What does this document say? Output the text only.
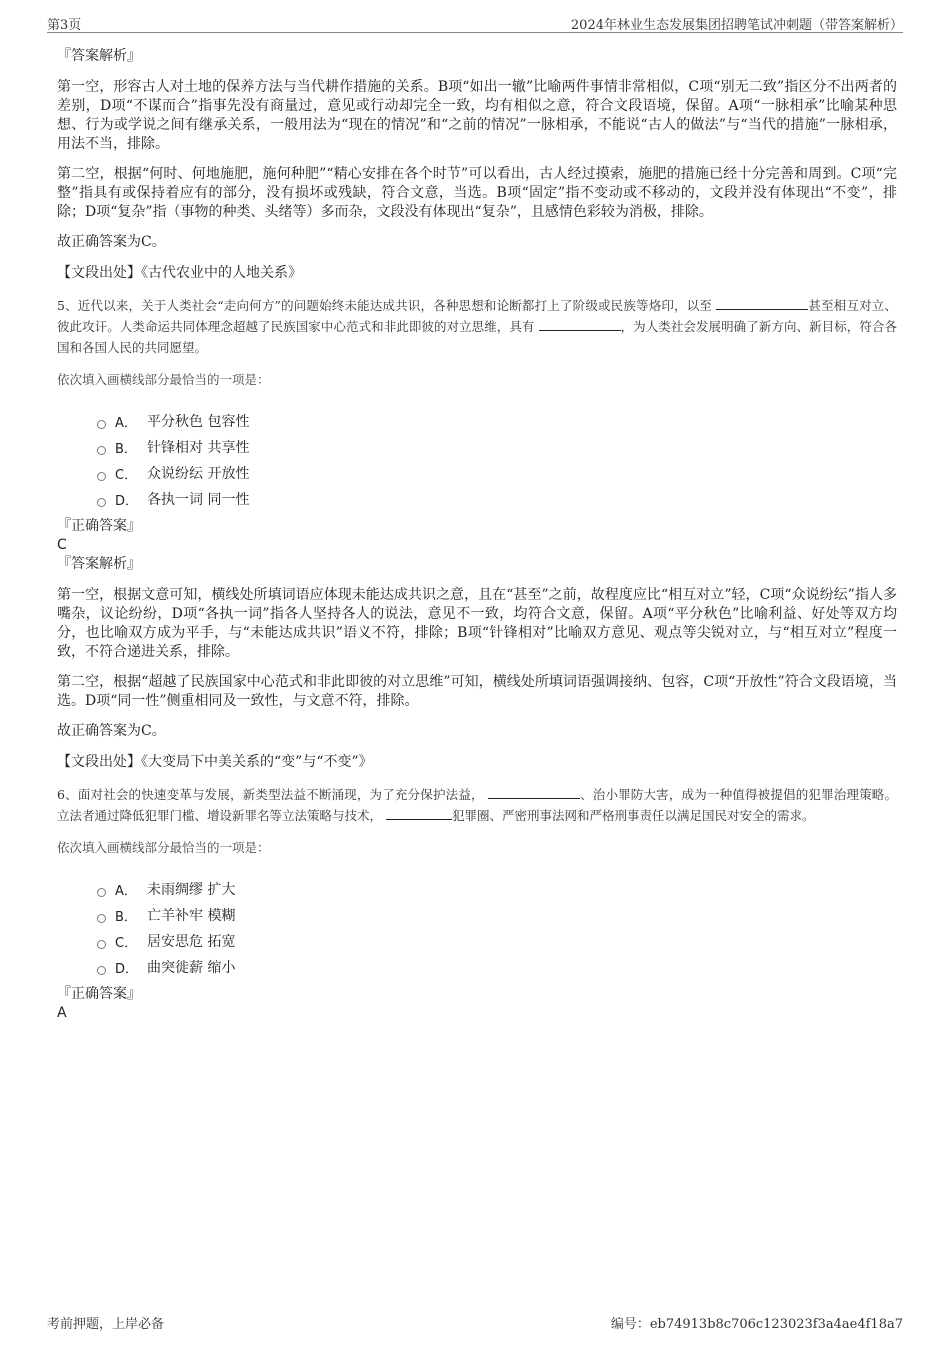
第3页	2024年林业生态发展集团招聘笔试冲刺题（带答案解析）

『答案解析』

第一空，形容古人对土地的保养方法与当代耕作措施的关系。B项“如出一辙”比喻两件事情非常相似，C项“别无二致”指区分不出两者的差别，D项“不谋而合”指事先没有商量过，意见或行动却完全一致，均有相似之意，符合文段语境，保留。A项“一脉相承”比喻某种思想、行为或学说之间有继承关系，一般用法为“现在的情况”和“之前的情况”一脉相承，不能说“古人的做法”与“当代的措施”一脉相承，用法不当，排除。

第二空，根据“何时、何地施肥，施何种肥”“精心安排在各个时节”可以看出，古人经过摸索，施肥的措施已经十分完善和周到。C项“完整”指具有或保持着应有的部分，没有损坏或残缺，符合文意，当选。B项“固定”指不变动或不移动的，文段并没有体现出“不变”，排除；D项“复杂”指（事物的种类、头绪等）多而杂，文段没有体现出“复杂”，且感情色彩较为消极，排除。

故正确答案为C。

【文段出处】《古代农业中的人地关系》

5、近代以来，关于人类社会“走向何方”的问题始终未能达成共识，各种思想和论断都打上了阶级或民族等烙印，以至	甚至相互对立、彼此攻讦。人类命运共同体理念超越了民族国家中心范式和非此即彼的对立思维，具有	，为人类社会发展明确了新方向、新目标，符合各国和各国人民的共同愿望。

依次填入画横线部分最恰当的一项是：

A． 平分秋色 包容性
B． 针锋相对 共享性
C． 众说纷纭 开放性
D． 各执一词 同一性

『正确答案』

C

『答案解析』

第一空，根据文意可知，横线处所填词语应体现未能达成共识之意，且在“甚至”之前，故程度应比“相互对立”轻，C项“众说纷纭”指人多嘴杂，议论纷纷，D项“各执一词”指各人坚持各人的说法，意见不一致，均符合文意，保留。A项“平分秋色”比喻利益、好处等双方均分，也比喻双方成为平手，与“未能达成共识”语义不符，排除；B项“针锋相对”比喻双方意见、观点等尖锐对立，与“相互对立”程度一致，不符合递进关系，排除。

第二空，根据“超越了民族国家中心范式和非此即彼的对立思维”可知，横线处所填词语强调接纳、包容，C项“开放性”符合文段语境，当选。D项“同一性”侧重相同及一致性，与文意不符，排除。

故正确答案为C。

【文段出处】《大变局下中美关系的“变”与“不变”》

6、面对社会的快速变革与发展，新类型法益不断涌现，为了充分保护法益，	、治小罪防大害，成为一种值得被提倡的犯罪治理策略。立法者通过降低犯罪门槛、增设新罪名等立法策略与技术，	犯罪圈、严密刑事法网和严格刑事责任以满足国民对安全的需求。

依次填入画横线部分最恰当的一项是：

A． 未雨绸缪 扩大
B． 亡羊补牢 模糊
C． 居安思危 拓宽
D． 曲突徙薪 缩小

『正确答案』

A

考前押题，上岸必备	编号：eb74913b8c706c123023f3a4ae4f18a7
